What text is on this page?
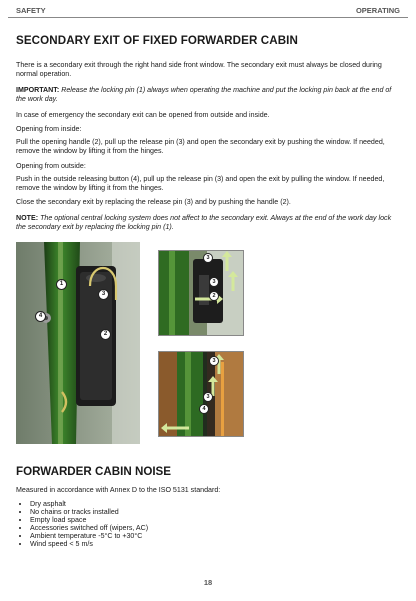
SAFETY	OPERATING
SECONDARY EXIT OF FIXED FORWARDER CABIN

There is a secondary exit through the right hand side front window. The secondary exit must always be closed during normal operation.

IMPORTANT: Release the locking pin (1) always when operating the machine and put the locking pin back at the end of the work day.

In case of emergency the secondary exit can be opened from outside and inside.

Opening from inside:

Pull the opening handle (2), pull up the release pin (3) and open the secondary exit by pushing the window. If needed, remove the window by lifting it from the hinges.

Opening from outside:

Push in the outside releasing button (4), pull up the release pin (3) and open the exit by pulling the window. If needed, remove the window by lifting it from the hinges.

Close the secondary exit by replacing the release pin (3) and by pushing the handle (2).

NOTE: The optional central locking system does not affect to the secondary exit. Always at the end of the work day lock the secondary exit by replacing the locking pin (1).

1
3
2
4
3
3
2
3
3
4
FORWARDER CABIN NOISE

Measured in accordance with Annex D to the ISO 5131 standard:

• Dry asphalt
• No chains or tracks installed
• Empty load space
• Accessories switched off (wipers, AC)
• Ambient temperature -5°C to +30°C
• Wind speed < 5 m/s
18
